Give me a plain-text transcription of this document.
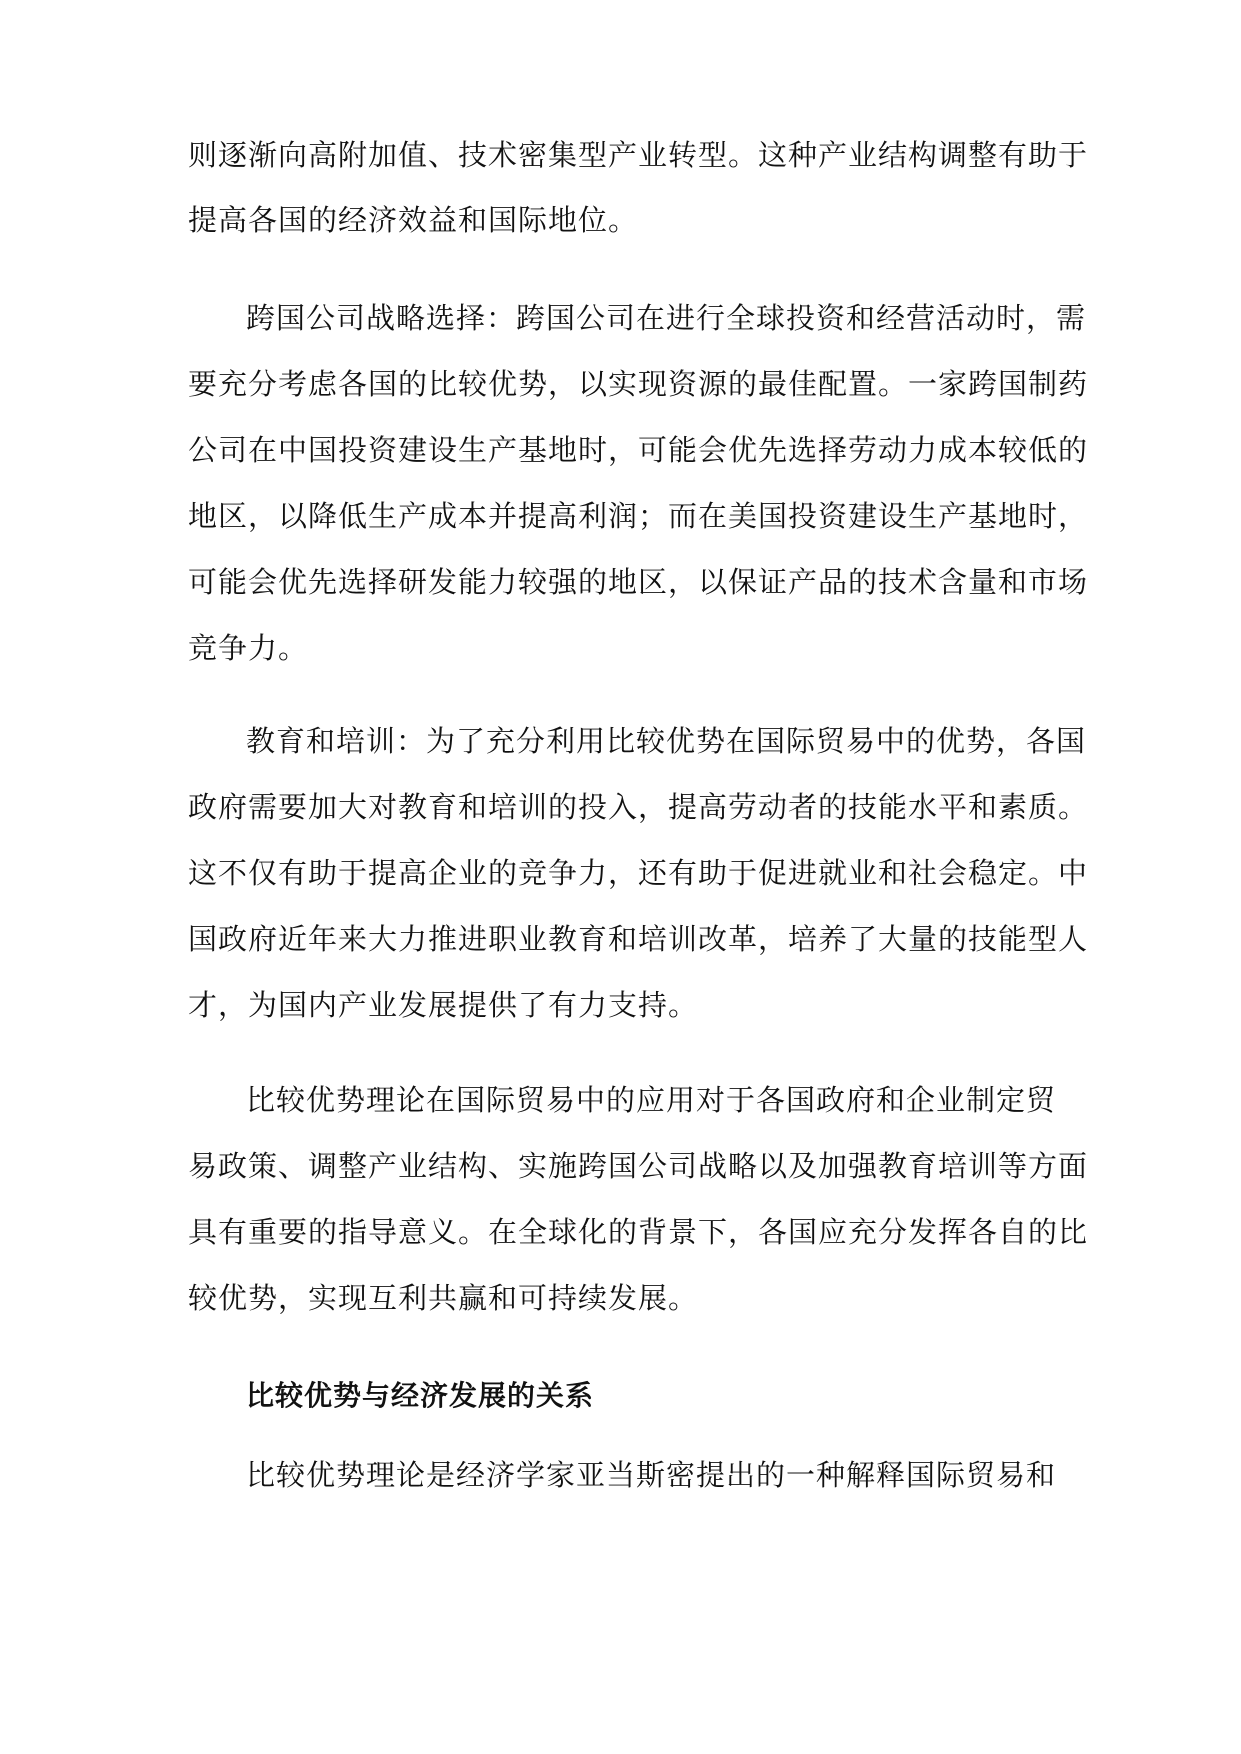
则逐渐向高附加值、技术密集型产业转型。这种产业结构调整有助于
提高各国的经济效益和国际地位。
跨国公司战略选择：跨国公司在进行全球投资和经营活动时，需
要充分考虑各国的比较优势，以实现资源的最佳配置。一家跨国制药
公司在中国投资建设生产基地时，可能会优先选择劳动力成本较低的
地区，以降低生产成本并提高利润；而在美国投资建设生产基地时，
可能会优先选择研发能力较强的地区，以保证产品的技术含量和市场
竞争力。
教育和培训：为了充分利用比较优势在国际贸易中的优势，各国
政府需要加大对教育和培训的投入，提高劳动者的技能水平和素质。
这不仅有助于提高企业的竞争力，还有助于促进就业和社会稳定。中
国政府近年来大力推进职业教育和培训改革，培养了大量的技能型人
才，为国内产业发展提供了有力支持。
比较优势理论在国际贸易中的应用对于各国政府和企业制定贸
易政策、调整产业结构、实施跨国公司战略以及加强教育培训等方面
具有重要的指导意义。在全球化的背景下，各国应充分发挥各自的比
较优势，实现互利共赢和可持续发展。
比较优势与经济发展的关系
比较优势理论是经济学家亚当斯密提出的一种解释国际贸易和
